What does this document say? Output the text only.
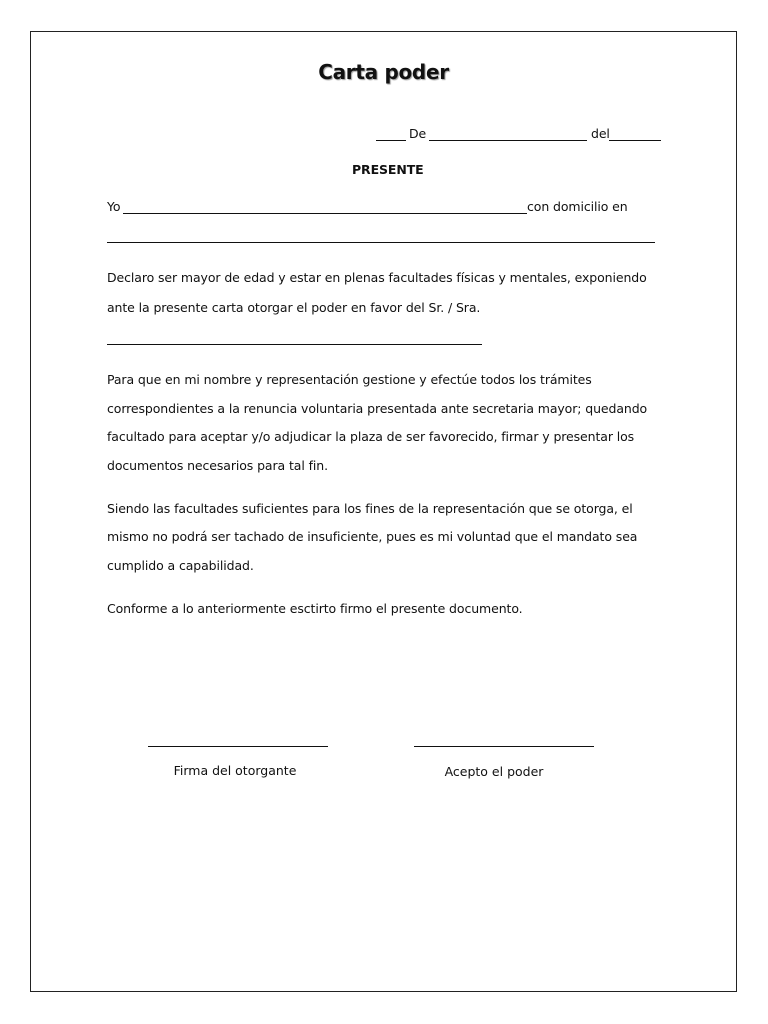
Carta poder
De	del
PRESENTE
Yo	con domicilio en
Declaro ser mayor de edad y estar en plenas facultades físicas y mentales, exponiendo
ante la presente carta otorgar el poder en favor del Sr. / Sra.
Para que en mi nombre y representación gestione y efectúe todos los trámites
correspondientes a la renuncia voluntaria presentada ante secretaria mayor; quedando
facultado para aceptar y/o adjudicar la plaza de ser favorecido, firmar y presentar los
documentos necesarios para tal fin.
Siendo las facultades suficientes para los fines de la representación que se otorga, el
mismo no podrá ser tachado de insuficiente, pues es mi voluntad que el mandato sea
cumplido a capabilidad.
Conforme a lo anteriormente esctirto firmo el presente documento.
Firma del otorgante	Acepto el poder
